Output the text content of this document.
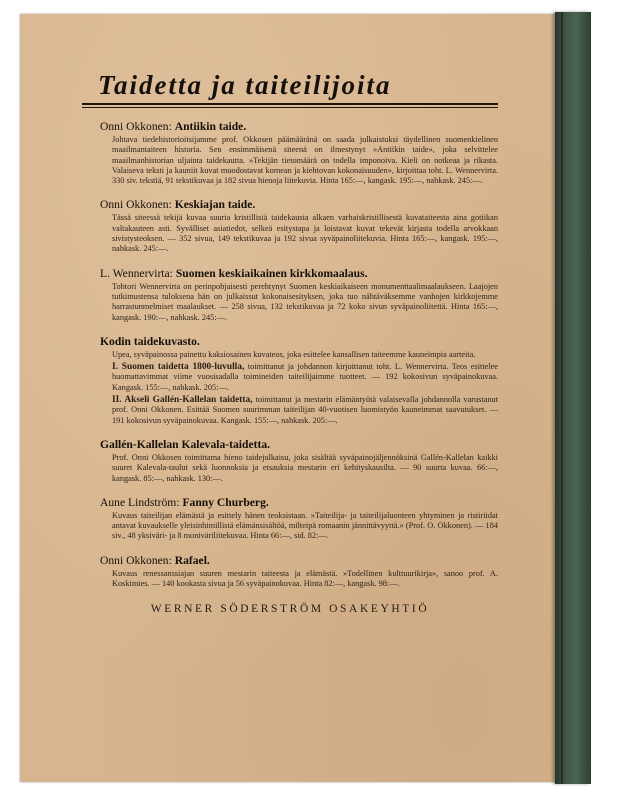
Taidetta ja taiteilijoita
Onni Okkonen: Antiikin taide.
Johtava tiedehistorioitsijamme prof. Okkosen päämääränä on saada julkaistuksi täydellinen suomenkielinen maailmantaiteen historia. Sen ensimmäisenä siteenä on ilmestynyt »Antiikin taide», joka selvittelee maailmanhistorian uljainta taidekautta. »Tekijän tietomäärä on todella imponoiva. Kieli on notkeaa ja rikasta. Valaiseva teksti ja kauniit kuvat muodostavat komean ja kiehtovan kokonaisuuden», kirjoittaa toht. L. Wennervirta. 330 siv. tekstiä, 91 tekstikuvaa ja 182 sivua hienoja liitekuvia. Hinta 165:—, kangask. 195:—, nahkask. 245:—.
Onni Okkonen: Keskiajan taide.
Tässä siteessä tekijä kuvaa suuria kristillisiä taidekausia alkaen varhaiskristillisestä kuvataiteesta aina gotiikan valtakauteen asti. Syvälliset asiatiedot, selkeä esitystapa ja loistavat kuvat tekevät kirjasta todella arvokkaan sivistysteoksen. — 352 sivua, 149 tekstikuvaa ja 192 sivua syväpainoliitekuvia. Hinta 165:—, kangask. 195:—, nahkask. 245:—.
L. Wennervirta: Suomen keskiaikainen kirkkomaalaus.
Tohtori Wennervirta on perinpohjaisesti perehtynyt Suomen keskiaikaiseen monumenttaalimaalaukseen. Laajojen tutkimustensa tuloksena hän on julkaissut kokonaisesityksen, joka tuo nähtäväksemme vanhojen kirkkojemme harrastunmelmiset maalaukset. — 258 sivua, 132 tekstikuvaa ja 72 koko sivun syväpainoliitettä. Hinta 165:—, kangask. 190:—, nahkask. 245:—.
Kodin taidekuvasto.
Upea, syväpainossa painettu kaksiosainen kuvateos, joka esittelee kansallisen taiteemme kauneimpia aarteita.
I. Suomen taidetta 1800-luvulla, toimittanut ja johdannon kirjoittanut toht. L. Wennervirta. Teos esittelee huomattavimmat viime vuosisadalla toimineiden taiteilijaimme tuotteet. — 192 kokosivun syväpainokuvaa. Kangask. 155:—, nahkask. 205:—.
II. Akseli Gallén-Kallelan taidetta, toimittanut ja mestarin elämäntyötä valaisevalla johdannolla varustanut prof. Onni Okkonen. Esittää Suomen suurimman taiteilijan 40-vuotisen luomistyön kauneimmat saavutukset. — 191 kokosivun syväpainokuvaa. Kangask. 155:—, nahkask. 205:—.
Gallén-Kallelan Kalevala-taidetta.
Prof. Onni Okkosen toimittama hieno taidejulkaisu, joka sisältää syväpainojäljennöksinä Gallén-Kallelan kaikki suuret Kalevala-taulut sekä luonnoksia ja etsauksia mestarin eri kehityskausilta. — 90 suurta kuvaa. 66:—, kangask. 85:—, nahkask. 130:—.
Aune Lindström: Fanny Churberg.
Kuvaus taiteilijan elämästä ja esittely hänen teoksistaan. »Taiteilija- ja taiteilijaluonteen yhtyminen ja ristiriidat antavat kuvaukselle yleisinhimillistä elämänsisältöä, milteipä romaanin jännittävyyttä.» (Prof. O. Okkonen). — 184 siv., 48 yksiväri- ja 8 moniväriliitekuvaa. Hinta 66:—, sid. 82:—.
Onni Okkonen: Rafael.
Kuvaus renessanssiajan suuren mestarin taiteesta ja elämästä. »Todellinen kulttuurikirja», sanoo prof. A. Koskimies. — 140 kookasta sivua ja 56 syväpainokuvaa. Hinta 82:—, kangask. 98:—.
WERNER SÖDERSTRÖM OSAKEYHTIÖ
